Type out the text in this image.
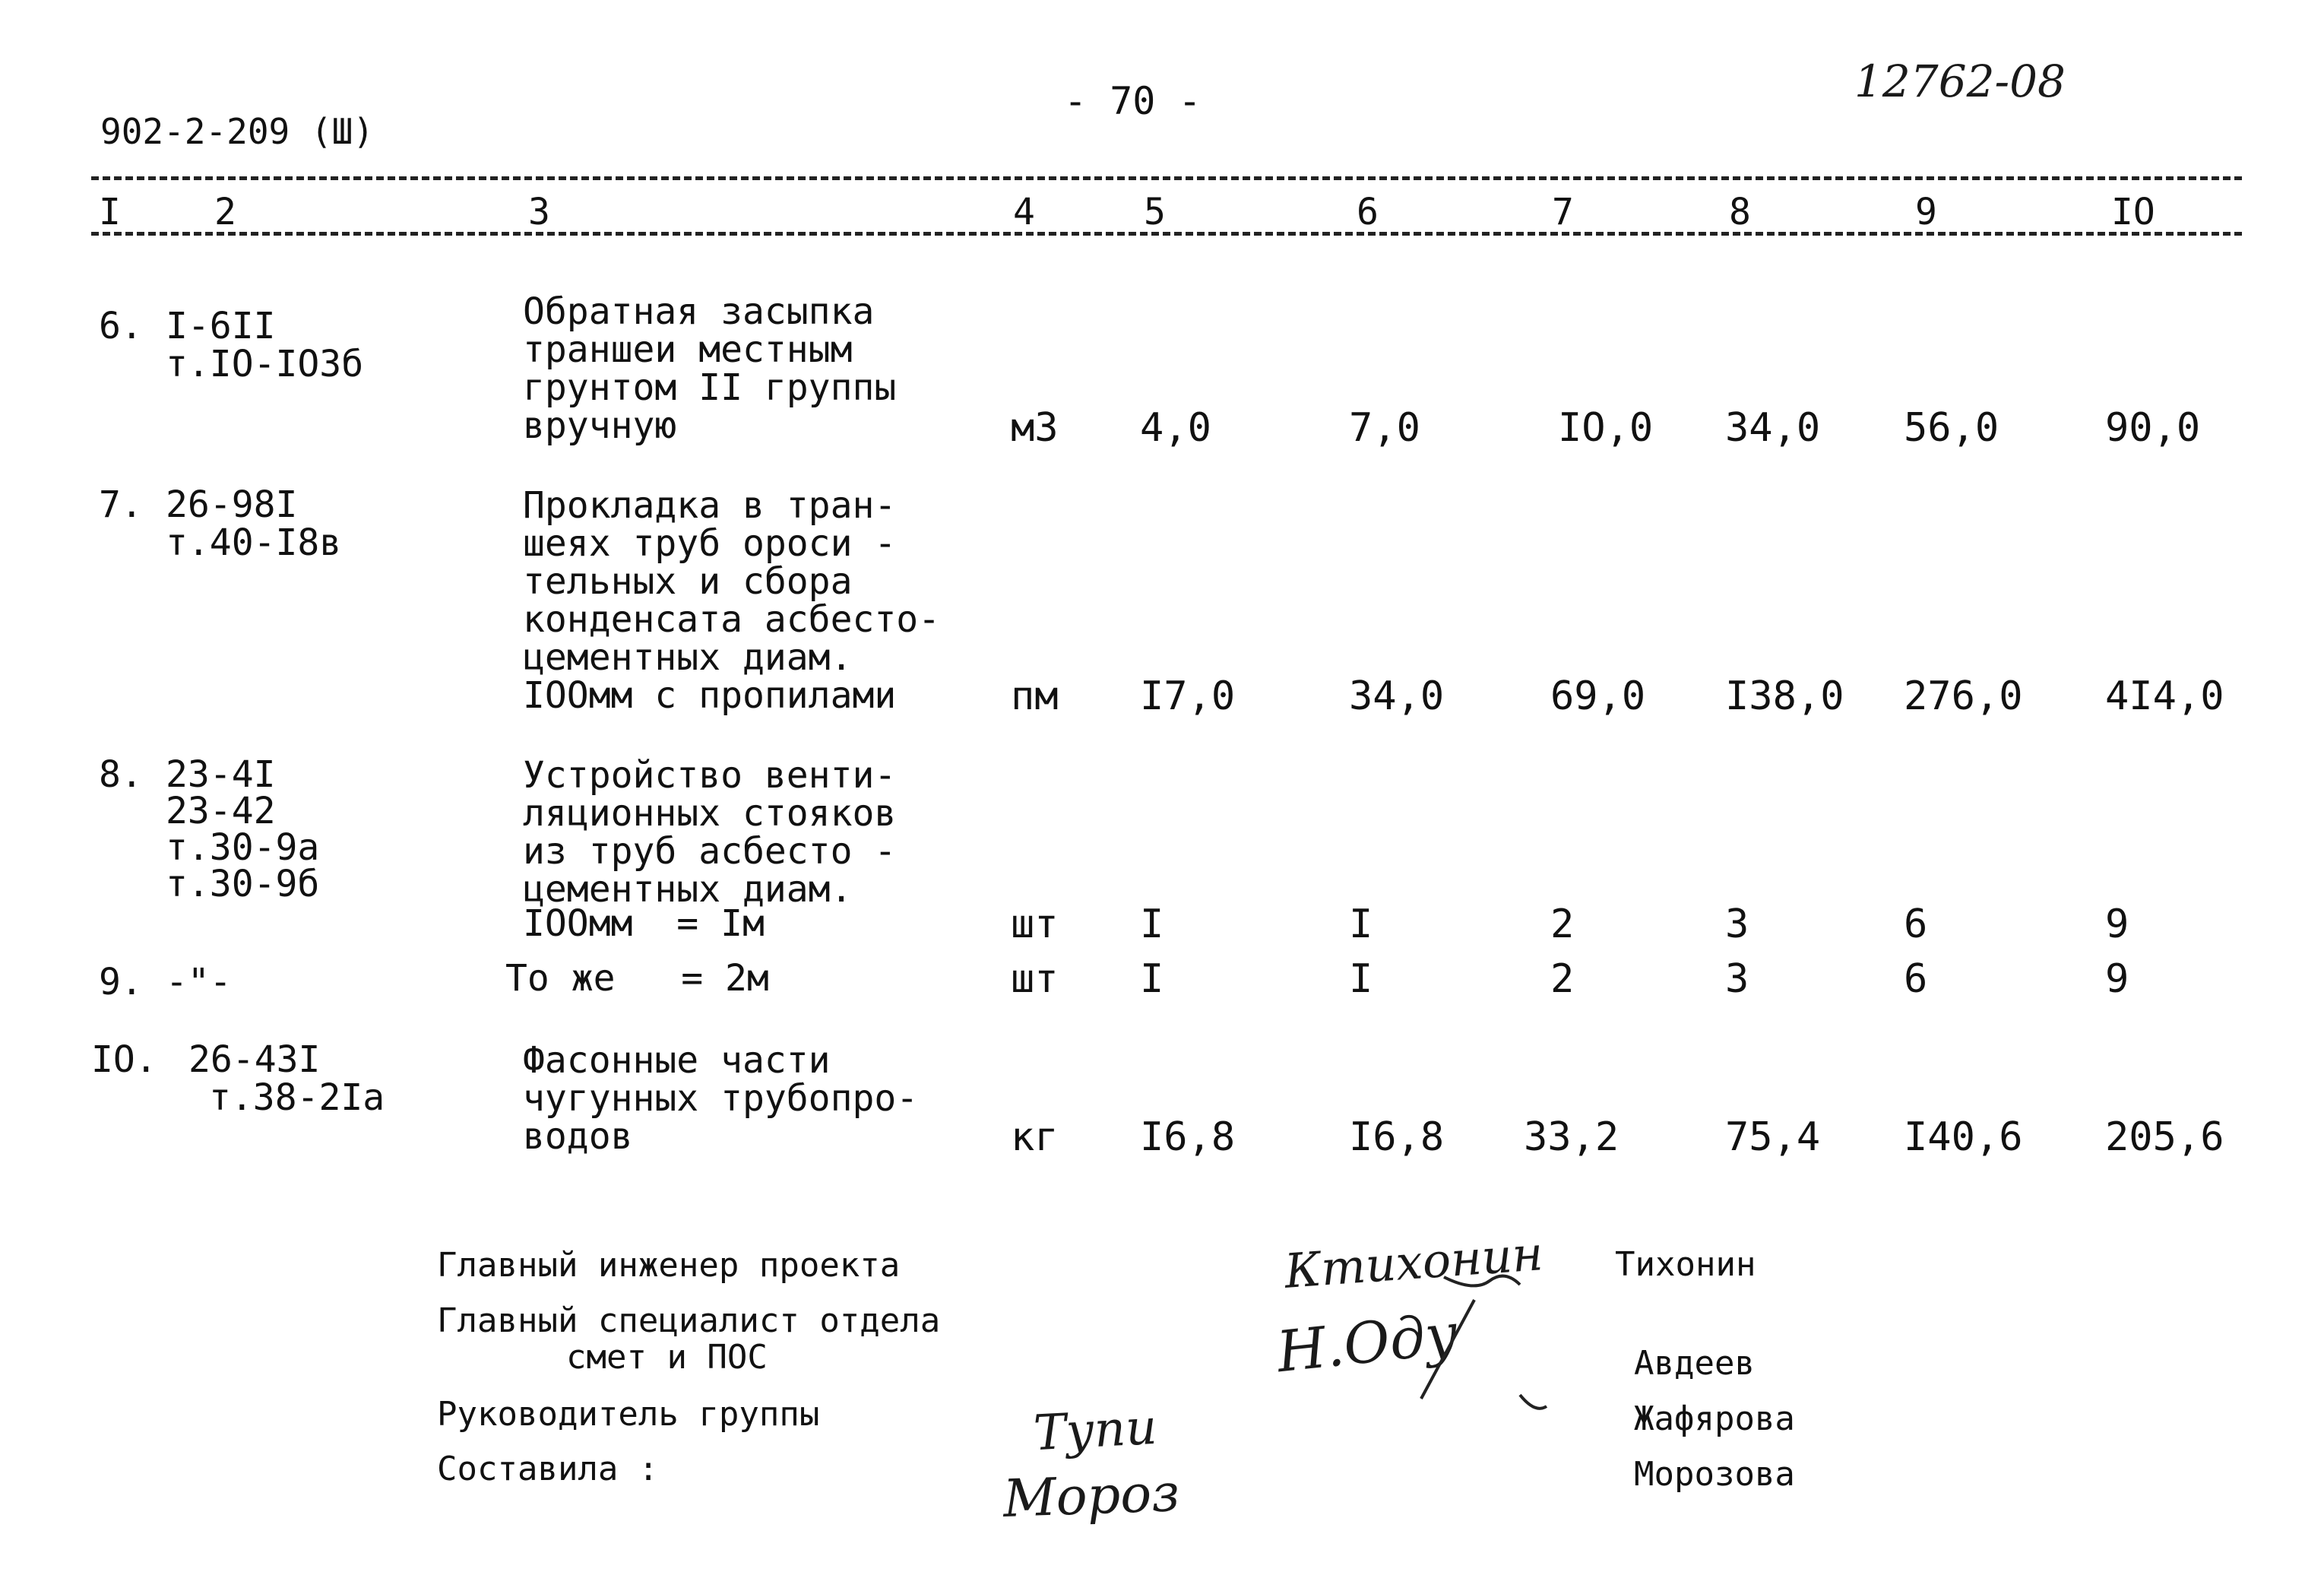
902-2-209 (Ш)
- 70 -	12762-08
I	2	3	4	5	6	7	8	9	IO
6. I-6II
т.IO-IO3б
Обратная засыпка
траншеи местным
грунтом II группы
вручную	м3 4,0	7,0	IO,0 34,0 56,0	90,0
7. 26-98I
т.40-I8в
Прокладка в тран-
шеях труб ороси -
тельных и сбора
конденсата асбесто-
цементных диам.
IOOмм с пропилами	пм I7,0	34,0	69,0 I38,0 276,0 4I4,0
8. 23-4I
23-42
т.30-9а
т.30-9б
Устройство венти-
ляционных стояков
из труб асбесто -
цементных диам.
IOOмм  = Iм	шт I	I	2	3	6	9
9. -"-	То же   = 2м	шт I	I	2	3	6	9
IO. 26-43I
т.38-2Iа
Фасонные части
чугунных трубопро-
водов	кг I6,8	I6,8 33,2	75,4 I40,6 205,6
Главный инженер проекта	Тихонин
Главный специалист отдела
смет и ПОС	Авдеев
Руководитель группы	Жафярова
Составила :	Морозова
Ктихонин
Н.Оду
Тупи
Мороз
